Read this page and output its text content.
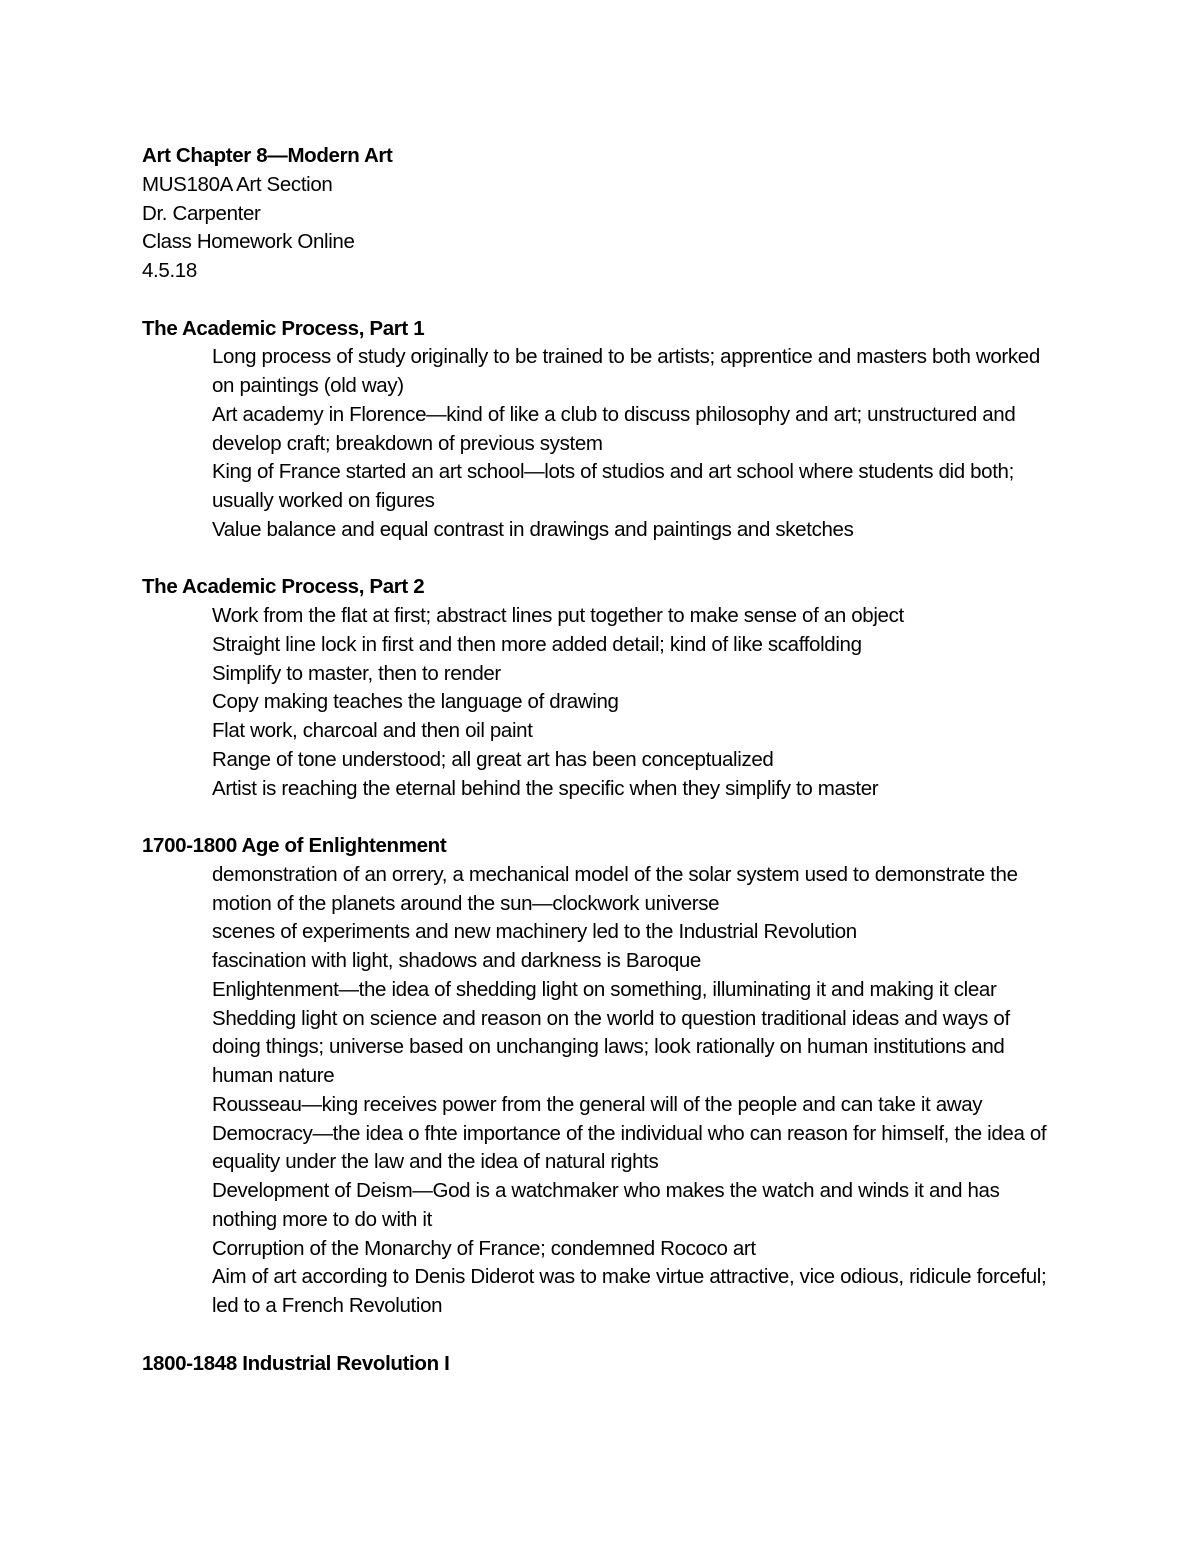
Art Chapter 8—Modern Art
MUS180A Art Section
Dr. Carpenter
Class Homework Online
4.5.18
The Academic Process, Part 1
Long process of study originally to be trained to be artists; apprentice and masters both worked on paintings (old way)
Art academy in Florence—kind of like a club to discuss philosophy and art; unstructured and develop craft; breakdown of previous system
King of France started an art school—lots of studios and art school where students did both; usually worked on figures
Value balance and equal contrast in drawings and paintings and sketches
The Academic Process, Part 2
Work from the flat at first; abstract lines put together to make sense of an object
Straight line lock in first and then more added detail; kind of like scaffolding
Simplify to master, then to render
Copy making teaches the language of drawing
Flat work, charcoal and then oil paint
Range of tone understood; all great art has been conceptualized
Artist is reaching the eternal behind the specific when they simplify to master
1700-1800 Age of Enlightenment
demonstration of an orrery, a mechanical model of the solar system used to demonstrate the motion of the planets around the sun—clockwork universe
scenes of experiments and new machinery led to the Industrial Revolution
fascination with light, shadows and darkness is Baroque
Enlightenment—the idea of shedding light on something, illuminating it and making it clear
Shedding light on science and reason on the world to question traditional ideas and ways of doing things; universe based on unchanging laws; look rationally on human institutions and human nature
Rousseau—king receives power from the general will of the people and can take it away
Democracy—the idea o fhte importance of the individual who can reason for himself, the idea of equality under the law and the idea of natural rights
Development of Deism—God is a watchmaker who makes the watch and winds it and has nothing more to do with it
Corruption of the Monarchy of France; condemned Rococo art
Aim of art according to Denis Diderot was to make virtue attractive, vice odious, ridicule forceful; led to a French Revolution
1800-1848 Industrial Revolution I
